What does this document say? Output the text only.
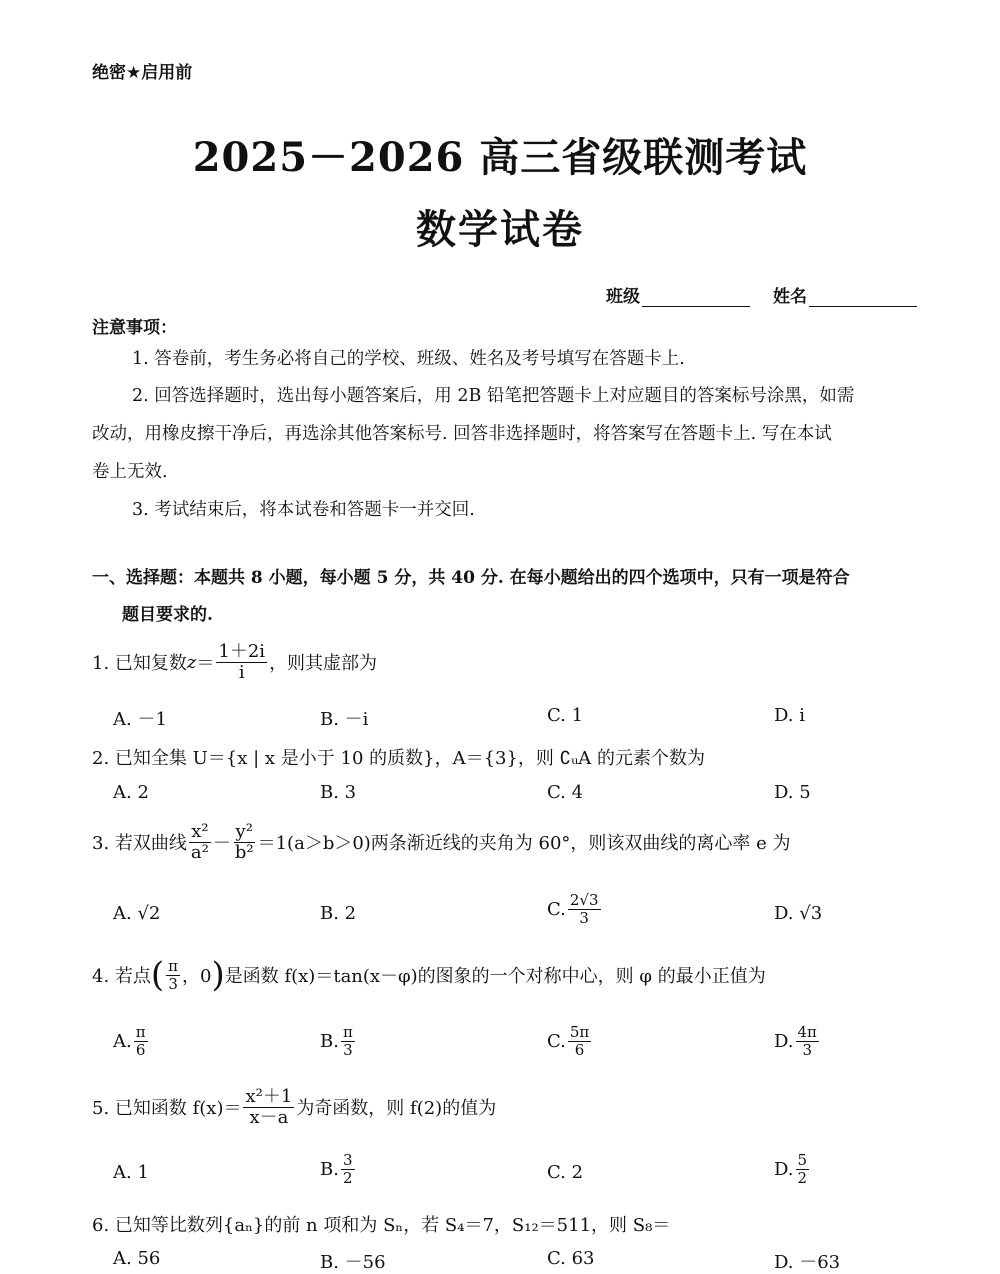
绝密★启用前
2025－2026 高三省级联测考试
数学试卷
班级	姓名
注意事项：
1. 答卷前，考生务必将自己的学校、班级、姓名及考号填写在答题卡上.
2. 回答选择题时，选出每小题答案后，用 2B 铅笔把答题卡上对应题目的答案标号涂黑，如需
改动，用橡皮擦干净后，再选涂其他答案标号. 回答非选择题时，将答案写在答题卡上. 写在本试
卷上无效.
3. 考试结束后，将本试卷和答题卡一并交回.
一、选择题：本题共 8 小题，每小题 5 分，共 40 分. 在每小题给出的四个选项中，只有一项是符合
题目要求的.
1. 已知复数 $z = \frac{1+2i}{i}$ ，则其虚部为
A. －1	B. －i	C. 1	D. i
2. 已知全集 U＝{x | x 是小于 10 的质数}，A＝{3}，则 ∁ᵤA 的元素个数为
A. 2	B. 3	C. 4	D. 5
3. 若双曲线 $\frac{\text{x²}}{\text{a²}} - \frac{\text{y²}}{\text{b²}} =1(a>b>0)$两条渐近线的夹角为 60°，则该双曲线的离心率 e 为
A. √2	B. 2	C. $\frac{2√3}{3}$	D. √3
4. 若点 ( $\frac{\pi}{3}$ ，0 ) 是函数 f(x)＝tan(x－φ)的图象的一个对称中心，则 φ 的最小正值为
A. $\frac{\pi}{6}$	B. $\frac{\pi}{3}$	C. $\frac{5\pi}{6}$	D. $\frac{4\pi}{3}$
5. 已知函数 $f(x)= \frac{\text{x²＋1}}{x-a}$ 为奇函数，则 f(2)的值为
A. 1	B. $\frac{3}{2}$	C. 2	D. $\frac{5}{2}$
6. 已知等比数列{aₙ}的前 n 项和为 Sₙ，若 S₄＝7，S₁₂＝511，则 S₈＝
A. 56	B. －56	C. 63	D. －63
